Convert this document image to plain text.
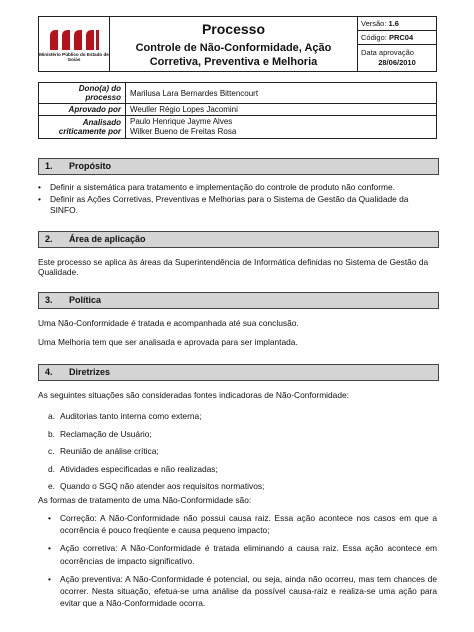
Ministério Público do Estado de Goiás

Processo
Controle de Não-Conformidade, Ação Corretiva, Preventiva e Melhoria
	Versão: 1.6
Código: PRC04

Data aprovação
28/06/2010
Dono(a) do processo	Marilusa Lara Bernardes Bittencourt
Aprovado por	Weuller Régio Lopes Jacomini
Analisado criticamente por	Paulo Henrique Jayme Alves
Wilker Bueno de Freitas Rosa
1. Propósito
• Definir a sistemática para tratamento e implementação do controle de produto não conforme.
• Definir as Ações Corretivas, Preventivas e Melhorias para o Sistema de Gestão da Qualidade da SINFO.
2. Área de aplicação
Este processo se aplica às áreas da Superintendência de Informática definidas no Sistema de Gestão da Qualidade.
3. Política
Uma Não-Conformidade é tratada e acompanhada até sua conclusão.
Uma Melhoria tem que ser analisada e aprovada para ser implantada.
4. Diretrizes
As seguintes situações são consideradas fontes indicadoras de Não-Conformidade:
a. Auditorias tanto interna como externa;
b. Reclamação de Usuário;
c. Reunião de análise crítica;
d. Atividades especificadas e não realizadas;
e. Quando o SGQ não atender aos requisitos normativos;
As formas de tratamento de uma Não-Conformidade são:
• Correção: A Não-Conformidade não possui causa raiz. Essa ação acontece nos casos em que a ocorrência é pouco freqüente e causa pequeno impacto;
• Ação corretiva: A Não-Conformidade é tratada eliminando a causa raiz. Essa ação acontece em ocorrências de impacto significativo.
• Ação preventiva: A Não-Conformidade é potencial, ou seja, ainda não ocorreu, mas tem chances de ocorrer. Nesta situação, efetua-se uma análise da possível causa-raiz e realiza-se uma ação para evitar que a Não-Conformidade ocorra.
